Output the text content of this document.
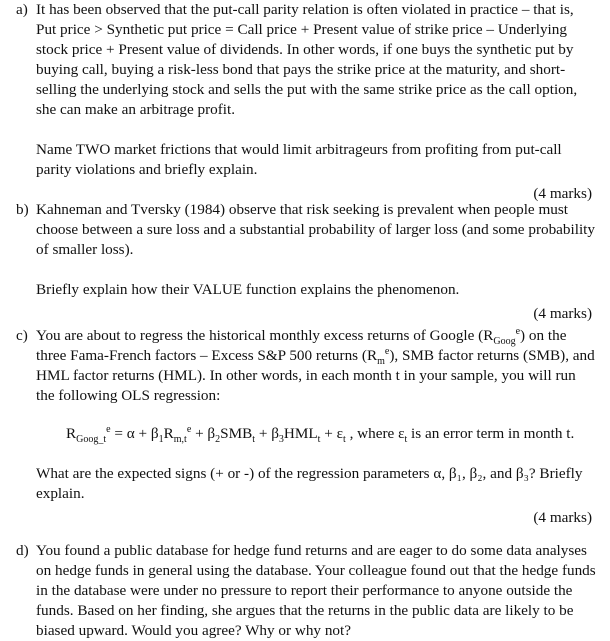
a) It has been observed that the put-call parity relation is often violated in practice – that is, Put price > Synthetic put price = Call price + Present value of strike price – Underlying stock price + Present value of dividends. In other words, if one buys the synthetic put by buying call, buying a risk-less bond that pays the strike price at the maturity, and short-selling the underlying stock and sells the put with the same strike price as the call option, she can make an arbitrage profit.

Name TWO market frictions that would limit arbitrageurs from profiting from put-call parity violations and briefly explain.

(4 marks)
b) Kahneman and Tversky (1984) observe that risk seeking is prevalent when people must choose between a sure loss and a substantial probability of larger loss (and some probability of smaller loss).

Briefly explain how their VALUE function explains the phenomenon.

(4 marks)
c) You are about to regress the historical monthly excess returns of Google $(R_{Goog}^e)$ on the three Fama-French factors – Excess S&P 500 returns $(R_m^e)$, SMB factor returns (SMB), and HML factor returns (HML). In other words, in each month t in your sample, you will run the following OLS regression:

$R_{Goog\_t}^e = \alpha + \beta_1R_{m,t}^e + \beta_2SMB_t + \beta_3HML_t + \varepsilon_t$ , where $\varepsilon_t$ is an error term in month t.

What are the expected signs (+ or -) of the regression parameters α, β₁, β₂, and β₃? Briefly explain.

(4 marks)
d) You found a public database for hedge fund returns and are eager to do some data analyses on hedge funds in general using the database. Your colleague found out that the hedge funds in the database were under no pressure to report their performance to anyone outside the funds. Based on her finding, she argues that the returns in the public data are likely to be biased upward. Would you agree? Why or why not?
